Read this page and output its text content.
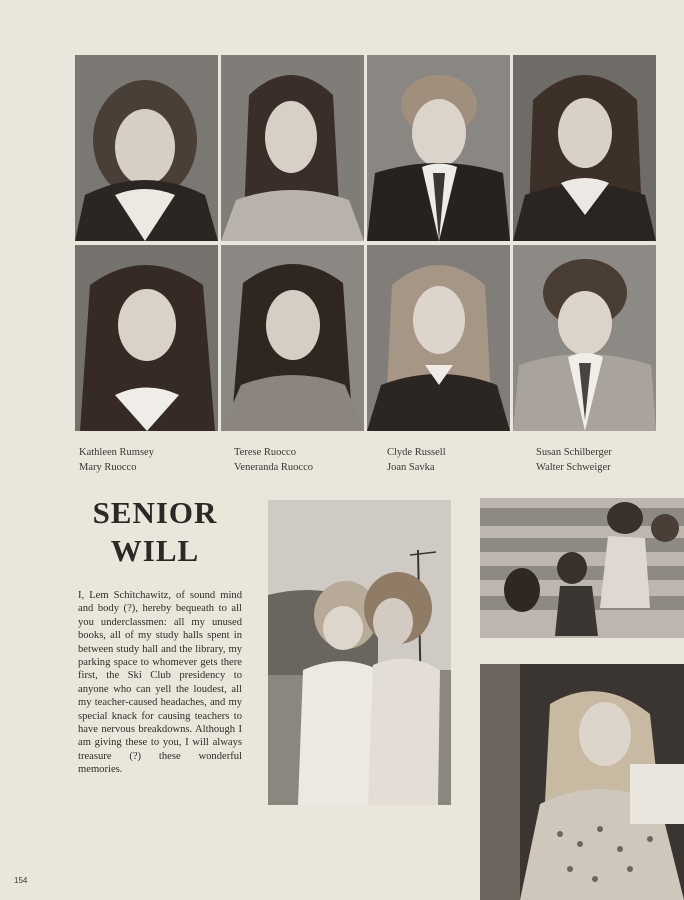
Kathleen Rumsey
Mary Ruocco
Terese Ruocco
Veneranda Ruocco
Clyde Russell
Joan Savka
Susan Schilberger
Walter Schweiger
SENIOR
WILL
I, Lem Schitchawitz, of sound mind and body (?), hereby bequeath to all you underclassmen: all my unused books, all of my study halls spent in between study hall and the library, my parking space to whomever gets there first, the Ski Club presidency to anyone who can yell the loudest, all my teacher-caused headaches, and my special knack for causing teachers to have nervous breakdowns. Although I am giving these to you, I will always treasure (?) these wonderful memories.
154
